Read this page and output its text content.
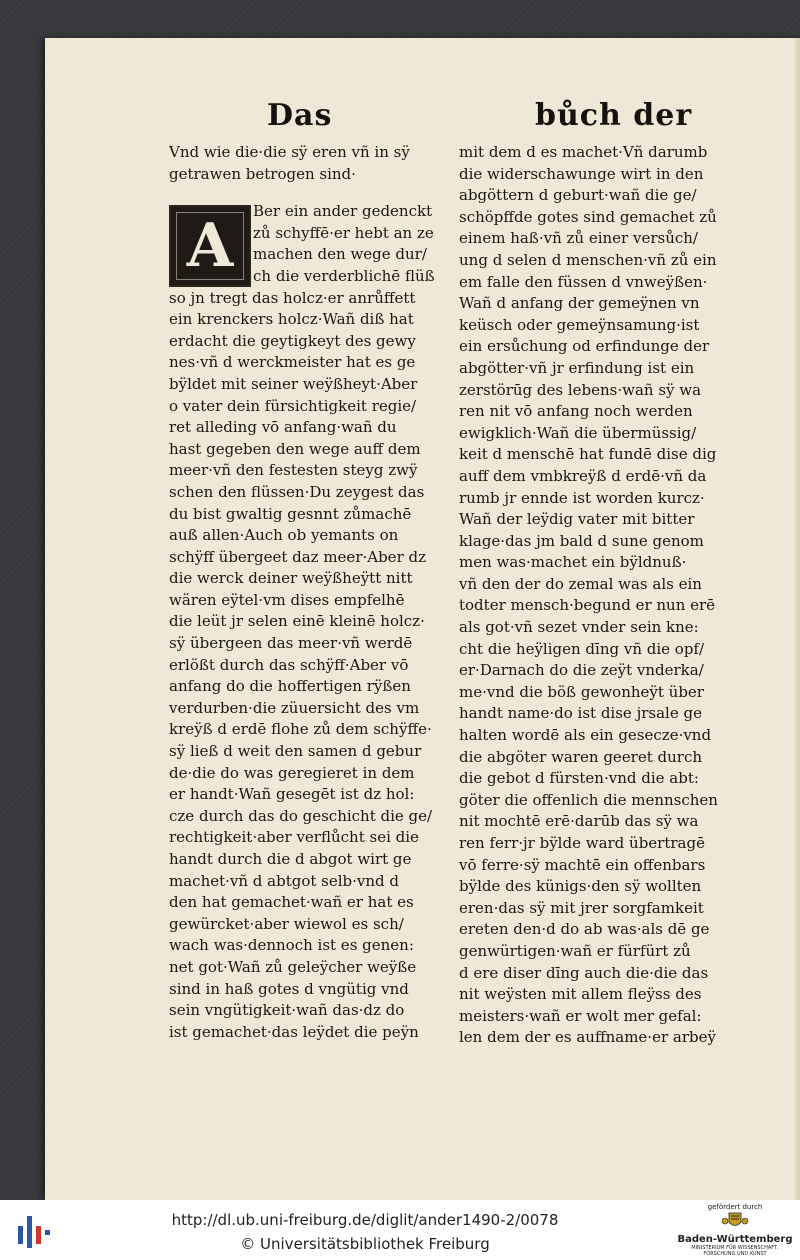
Das	bůch der
Vnd wie die·die sÿ eren vñ in sÿ
getrawen betrogen sind·
A Ber ein ander gedenckt
zů schyffē·er hebt an ze
machen den wege dur/
ch die verderblichē flüß
so jn tregt das holcz·er anrůffett
ein krenckers holcz·Wañ diß hat
erdacht die geytigkeyt des gewy
nes·vñ d werckmeister hat es ge
bÿldet mit seiner weÿßheyt·Aber
o vater dein fürsichtigkeit regie/
ret alleding vō anfang·wañ du
hast gegeben den wege auff dem
meer·vñ den festesten steyg zwÿ
schen den flüssen·Du zeygest das
du bist gwaltig gesnnt zůmachē
auß allen·Auch ob yemants on
schÿff übergeet daz meer·Aber dz
die werck deiner weÿßheÿtt nitt
wären eÿtel·vm dises empfelhē
die leüt jr selen einē kleinē holcz·
sÿ übergeen das meer·vñ werdē
erlößt durch das schÿff·Aber vō
anfang do die hoffertigen rÿßen
verdurben·die züuersicht des vm
kreÿß d erdē flohe zů dem schÿffe·
sÿ ließ d weit den samen d gebur
de·die do was geregieret in dem
er handt·Wañ gesegēt ist dz hol:
cze durch das do geschicht die ge/
rechtigkeit·aber verflůcht sei die
handt durch die d abgot wirt ge
machet·vñ d abtgot selb·vnd d
den hat gemachet·wañ er hat es
gewürcket·aber wiewol es sch/
wach was·dennoch ist es genen:
net got·Wañ zů geleÿcher weÿße
sind in haß gotes d vngütig vnd
sein vngütigkeit·wañ das·dz do
ist gemachet·das leÿdet die peÿn
mit dem d es machet·Vñ darumb
die widerschawunge wirt in den
abgöttern d geburt·wañ die ge/
schöpffde gotes sind gemachet zů
einem haß·vñ zů einer versůch/
ung d selen d menschen·vñ zů ein
em falle den füssen d vnweÿßen·
Wañ d anfang der gemeÿnen vn
keüsch oder gemeÿnsamung·ist
ein ersůchung od erfindunge der
abgötter·vñ jr erfindung ist ein
zerstörūg des lebens·wañ sÿ wa
ren nit vō anfang noch werden
ewigklich·Wañ die übermüssig/
keit d menschē hat fundē dise dig
auff dem vmbkreÿß d erdē·vñ da
rumb jr ennde ist worden kurcz·
Wañ der leÿdig vater mit bitter
klage·das jm bald d sune genom
men was·machet ein bÿldnuß·
vñ den der do zemal was als ein
todter mensch·begund er nun erē
als got·vñ sezet vnder sein kne:
cht die heÿligen dīng vñ die opf/
er·Darnach do die zeÿt vnderka/
me·vnd die böß gewonheÿt über
handt name·do ist dise jrsale ge
halten wordē als ein gesecze·vnd
die abgöter waren geeret durch
die gebot d fürsten·vnd die abt:
göter die offenlich die mennschen
nit mochtē erē·darūb das sÿ wa
ren ferr·jr bÿlde ward übertragē
vō ferre·sÿ machtē ein offenbars
bÿlde des künigs·den sÿ wollten
eren·das sÿ mit jrer sorgfamkeit
ereten den·d do ab was·als dē ge
genwürtigen·wañ er fürfürt zů
d ere diser dīng auch die·die das
nit weÿsten mit allem fleÿss des
meisters·wañ er wolt mer gefal:
len dem der es auffname·er arbeÿ
http://dl.ub.uni-freiburg.de/diglit/ander1490-2/0078
© Universitätsbibliothek Freiburg
gefördert durch
Baden-Württemberg
MINISTERIUM FÜR WISSENSCHAFT, FORSCHUNG UND KUNST
